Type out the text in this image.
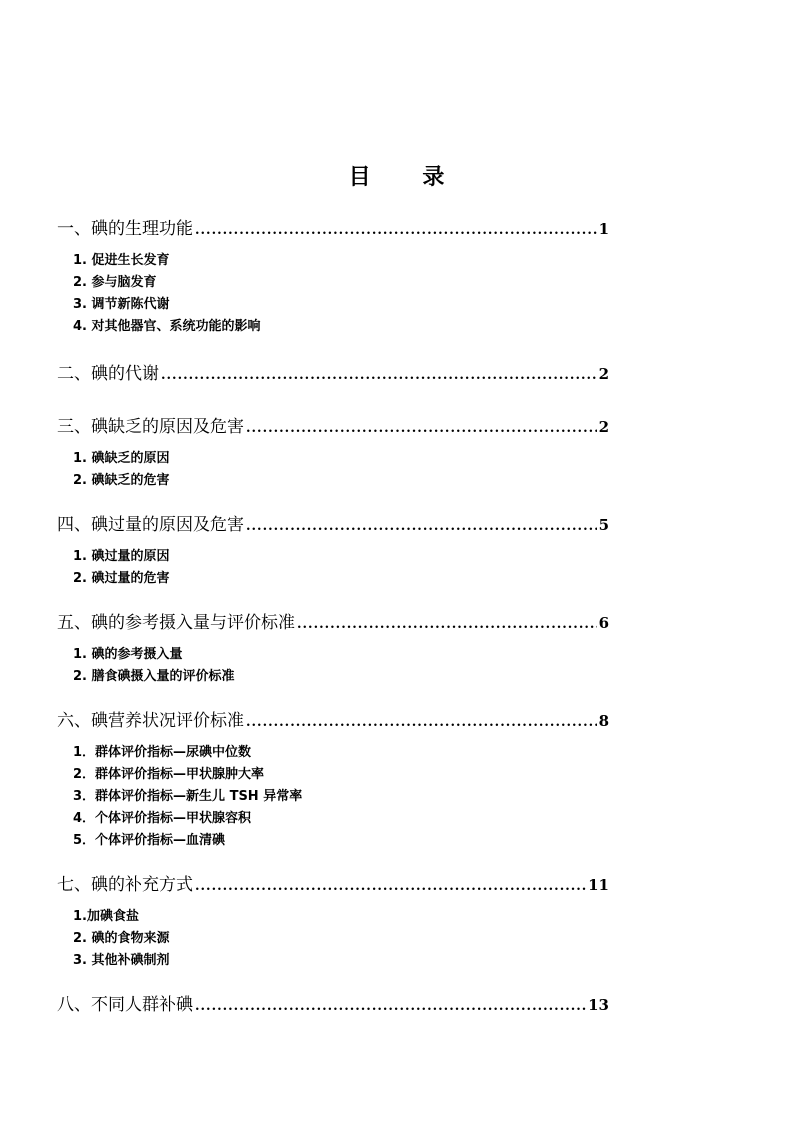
目 录
一、碘的生理功能 .....	1
1. 促进生长发育
2. 参与脑发育
3. 调节新陈代谢
4. 对其他器官、系统功能的影响
二、碘的代谢 .....	2
三、碘缺乏的原因及危害 .....	2
1. 碘缺乏的原因
2. 碘缺乏的危害
四、碘过量的原因及危害 .....	5
1. 碘过量的原因
2. 碘过量的危害
五、碘的参考摄入量与评价标准 .....	6
1. 碘的参考摄入量
2. 膳食碘摄入量的评价标准
六、碘营养状况评价标准 .....	8
1．群体评价指标—尿碘中位数
2．群体评价指标—甲状腺肿大率
3．群体评价指标—新生儿 TSH 异常率
4．个体评价指标—甲状腺容积
5．个体评价指标—血清碘
七、碘的补充方式 .....	11
1.加碘食盐
2. 碘的食物来源
3. 其他补碘制剂
八、不同人群补碘 .....	13
